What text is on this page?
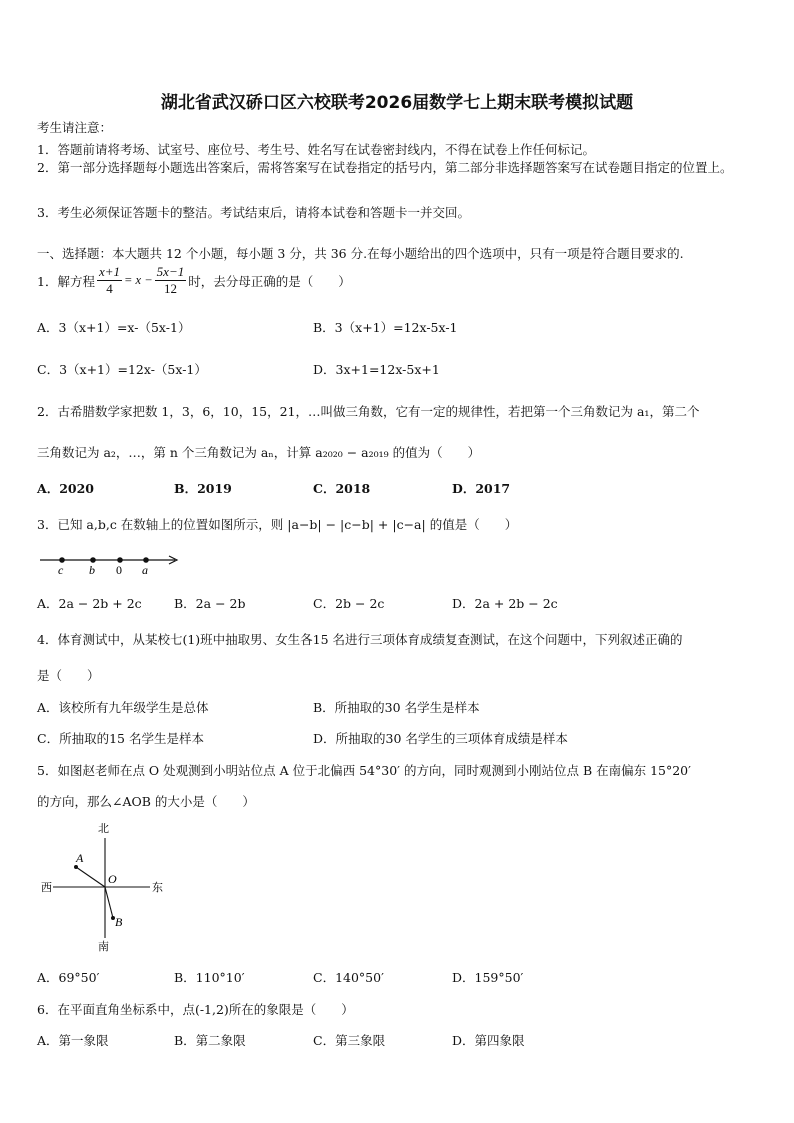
湖北省武汉硚口区六校联考2026届数学七上期末联考模拟试题
考生请注意：
1．答题前请将考场、试室号、座位号、考生号、姓名写在试卷密封线内，不得在试卷上作任何标记。
2．第一部分选择题每小题选出答案后，需将答案写在试卷指定的括号内，第二部分非选择题答案写在试卷题目指定的位置上。
3．考生必须保证答题卡的整洁。考试结束后，请将本试卷和答题卡一并交回。
一、选择题：本大题共 12 个小题，每小题 3 分，共 36 分.在每小题给出的四个选项中，只有一项是符合题目要求的.
1．解方程 $\frac{x+1}{4} = x - \frac{5x-1}{12}$ 时，去分母正确的是（　　）
A．3（x+1）=x-（5x-1）	B．3（x+1）=12x-5x-1
C．3（x+1）=12x-（5x-1）	D．3x+1=12x-5x+1
2．古希腊数学家把数 1，3，6，10，15，21，…叫做三角数，它有一定的规律性，若把第一个三角数记为 a₁，第二个
三角数记为 a₂，…，第 n 个三角数记为 aₙ，计算 a₂₀₂₀ − a₂₀₁₉ 的值为（　　）
A．2020	B．2019	C．2018	D．2017
3．已知 a,b,c 在数轴上的位置如图所示，则 |a−b| − |c−b| + |c−a| 的值是（　　）
c b 0 a
A．2a − 2b + 2c	B．2a − 2b	C．2b − 2c	D．2a + 2b − 2c
4．体育测试中，从某校七(1)班中抽取男、女生各15 名进行三项体育成绩复查测试，在这个问题中，下列叙述正确的
是（　　）
A．该校所有九年级学生是总体	B．所抽取的30 名学生是样本
C．所抽取的15 名学生是样本	D．所抽取的30 名学生的三项体育成绩是样本
5．如图赵老师在点 O 处观测到小明站位点 A 位于北偏西 54°30′ 的方向，同时观测到小刚站位点 B 在南偏东 15°20′
的方向，那么∠AOB 的大小是（　　）
北
南
西	东
O
A
B
A．69°50′	B．110°10′	C．140°50′	D．159°50′
6．在平面直角坐标系中，点(-1,2)所在的象限是（　　）
A．第一象限	B．第二象限	C．第三象限	D．第四象限
